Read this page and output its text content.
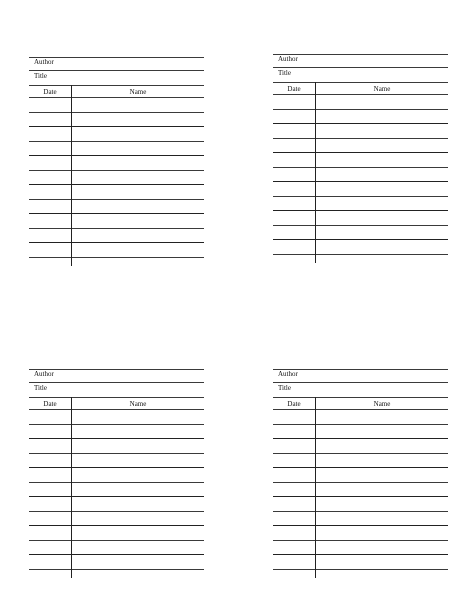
Author
Title
Date	Name
Author
Title
Date	Name
Author
Title
Date	Name
Author
Title
Date	Name
